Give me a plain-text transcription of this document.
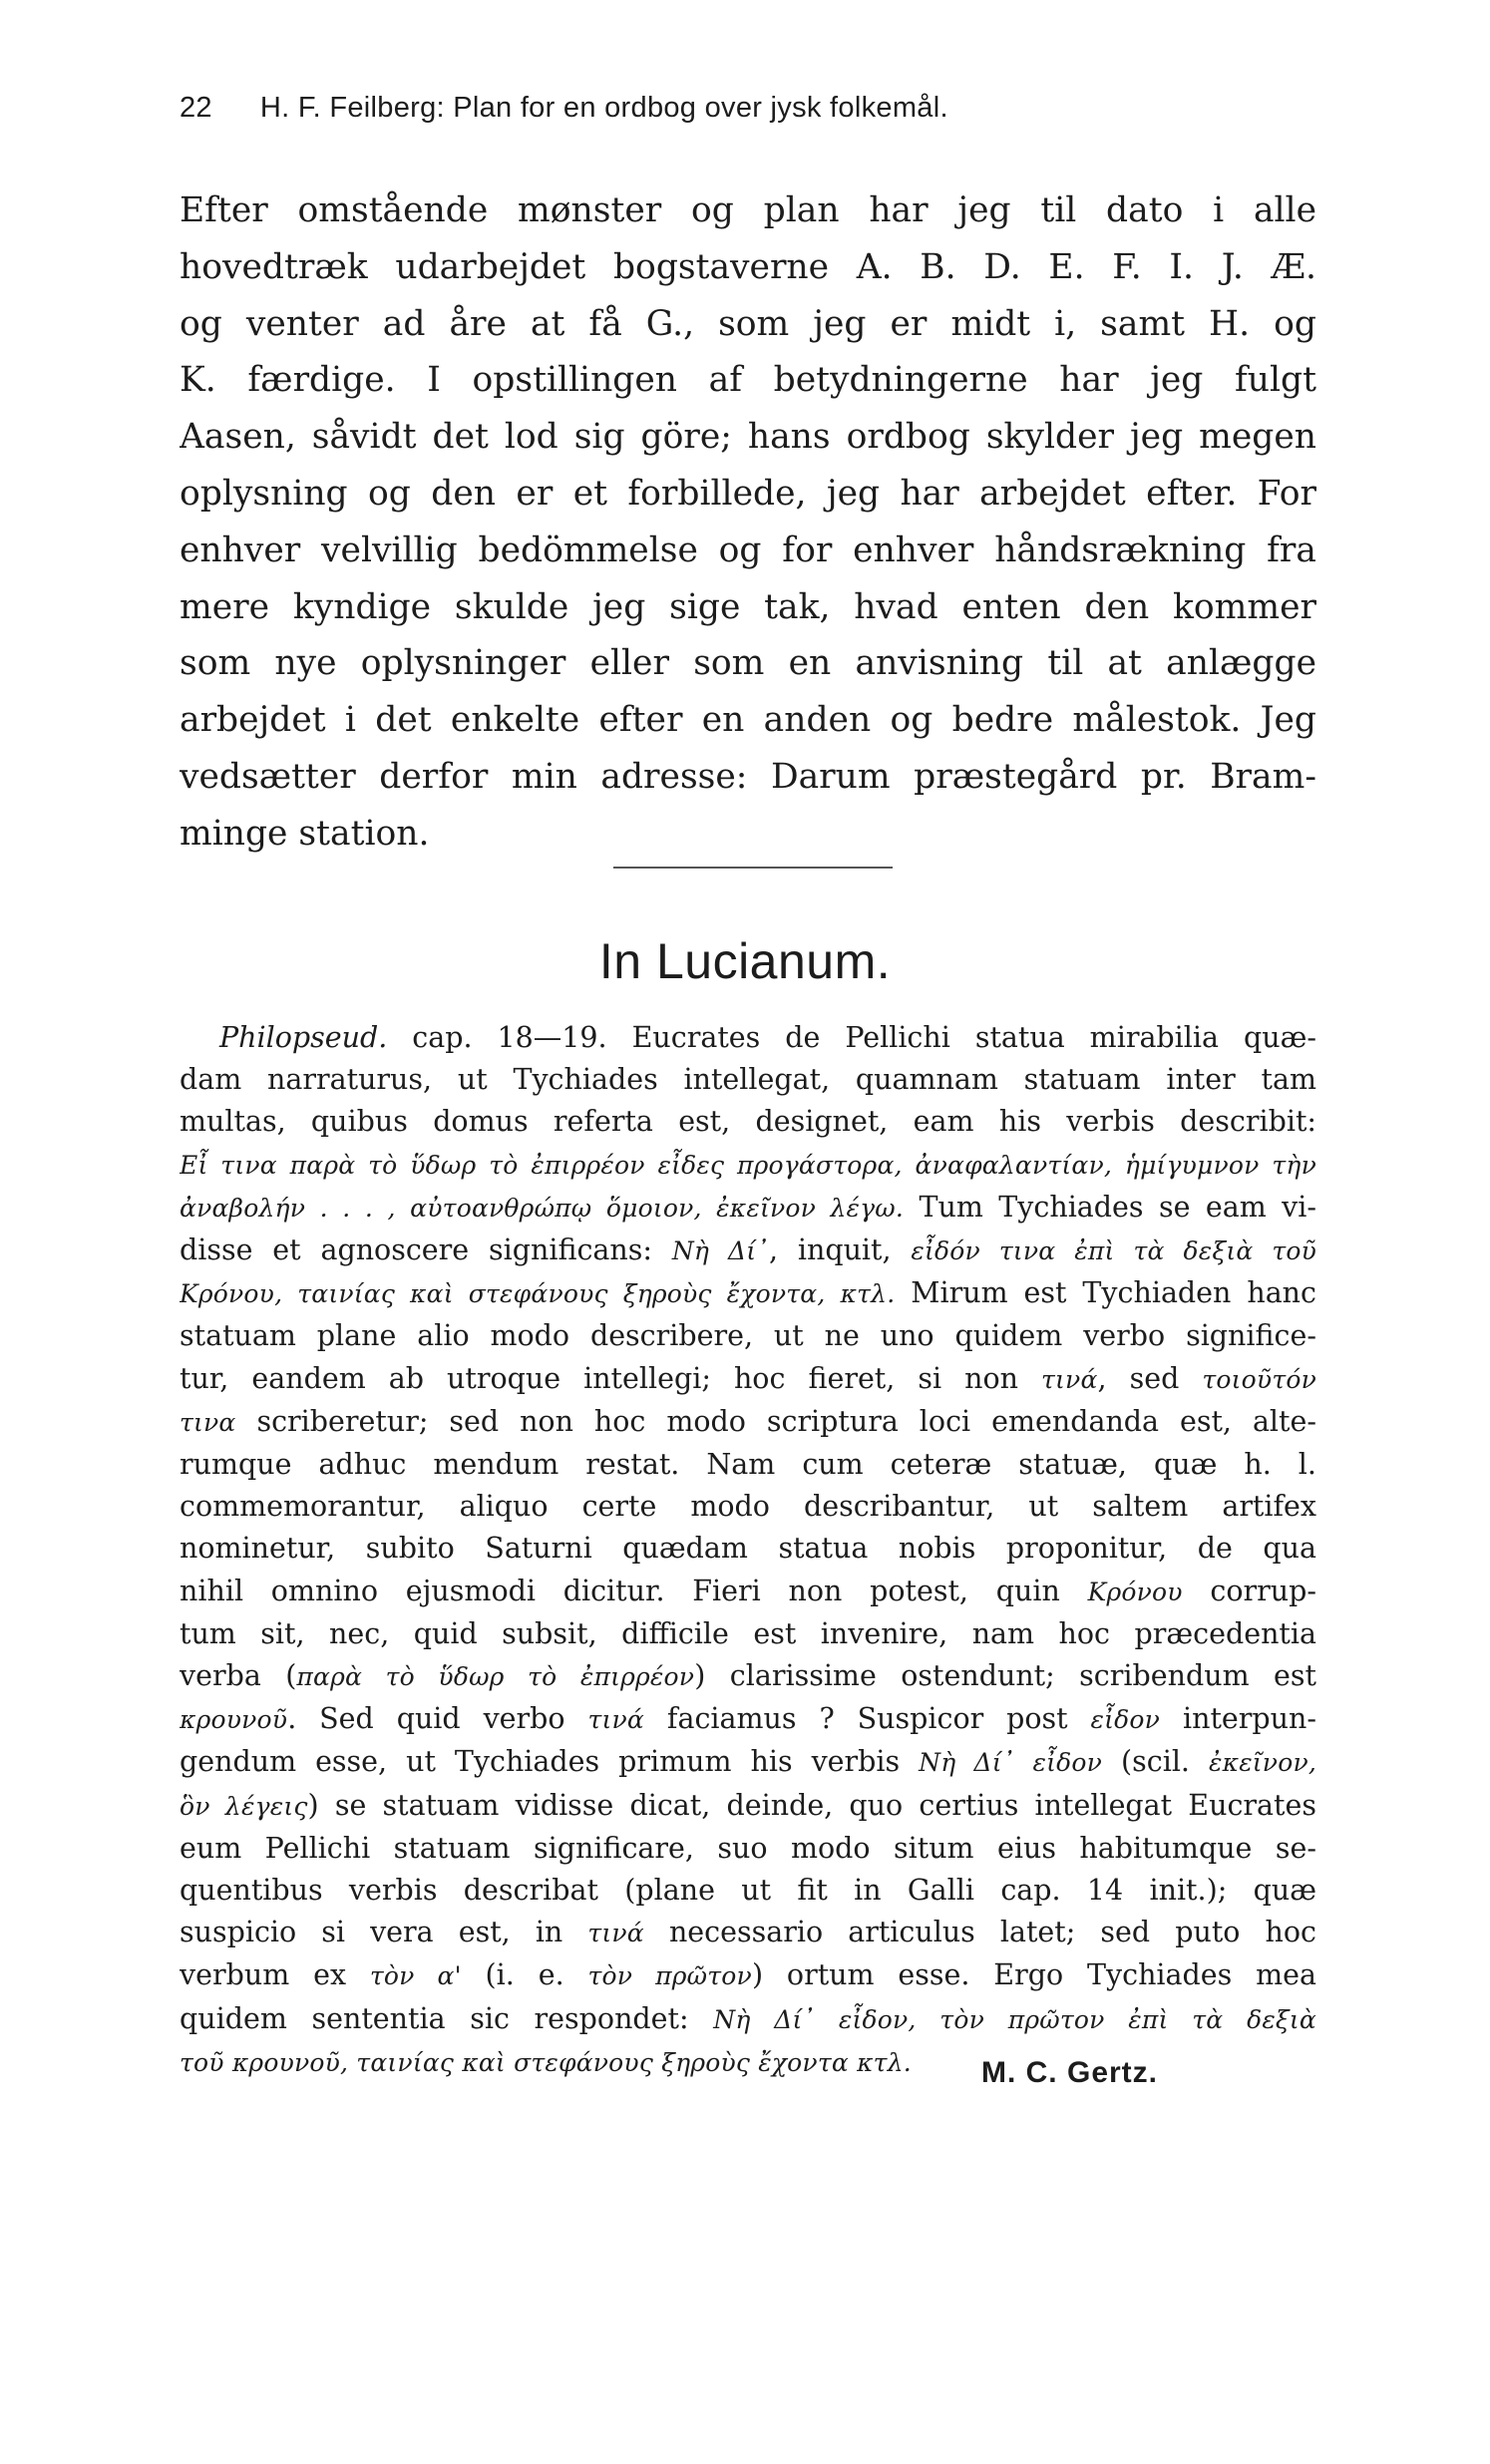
22 H. F. Feilberg: Plan for en ordbog over jysk folkemål.
Efter omstående mønster og plan har jeg til dato i alle
hovedtræk udarbejdet bogstaverne A. B. D. E. F. I. J. Æ.
og venter ad åre at få G., som jeg er midt i, samt H. og
K. færdige. I opstillingen af betydningerne har jeg fulgt
Aasen, såvidt det lod sig göre; hans ordbog skylder jeg megen
oplysning og den er et forbillede, jeg har arbejdet efter. For
enhver velvillig bedömmelse og for enhver håndsrækning fra
mere kyndige skulde jeg sige tak, hvad enten den kommer
som nye oplysninger eller som en anvisning til at anlægge
arbejdet i det enkelte efter en anden og bedre målestok. Jeg
vedsætter derfor min adresse: Darum præstegård pr. Bram-
minge station.
In Lucianum.
Philopseud. cap. 18—19. Eucrates de Pellichi statua mirabilia quæ-
dam narraturus, ut Tychiades intellegat, quamnam statuam inter tam
multas, quibus domus referta est, designet, eam his verbis describit:
Εἶ τινα παρὰ τὸ ὕδωρ τὸ ἐπιρρέον εἶδες προγάστορα, ἀναφαλαντίαν, ἡμίγυμνον τὴν
ἀναβολήν . . . , αὐτοανθρώπῳ ὅμοιον, ἐκεῖνον λέγω. Tum Tychiades se eam vi-
disse et agnoscere significans: Νὴ Δί᾿, inquit, εἶδόν τινα ἐπὶ τὰ δεξιὰ τοῦ
Κρόνου, ταινίας καὶ στεφάνους ξηροὺς ἔχοντα, κτλ. Mirum est Tychiaden hanc
statuam plane alio modo describere, ut ne uno quidem verbo significe-
tur, eandem ab utroque intellegi; hoc fieret, si non τινά, sed τοιοῦτόν
τινα scriberetur; sed non hoc modo scriptura loci emendanda est, alte-
rumque adhuc mendum restat. Nam cum ceteræ statuæ, quæ h. l.
commemorantur, aliquo certe modo describantur, ut saltem artifex
nominetur, subito Saturni quædam statua nobis proponitur, de qua
nihil omnino ejusmodi dicitur. Fieri non potest, quin Κρόνου corrup-
tum sit, nec, quid subsit, difficile est invenire, nam hoc præcedentia
verba (παρὰ τὸ ὕδωρ τὸ ἐπιρρέον) clarissime ostendunt; scribendum est
κρουνοῦ. Sed quid verbo τινά faciamus ? Suspicor post εἶδον interpun-
gendum esse, ut Tychiades primum his verbis Νὴ Δί᾿ εἶδον (scil. ἐκεῖνον,
ὃν λέγεις) se statuam vidisse dicat, deinde, quo certius intellegat Eucrates
eum Pellichi statuam significare, suo modo situm eius habitumque se-
quentibus verbis describat (plane ut fit in Galli cap. 14 init.); quæ
suspicio si vera est, in τινά necessario articulus latet; sed puto hoc
verbum ex τὸν α' (i. e. τὸν πρῶτον) ortum esse. Ergo Tychiades mea
quidem sententia sic respondet: Νὴ Δί᾿ εἶδον, τὸν πρῶτον ἐπὶ τὰ δεξιὰ
τοῦ κρουνοῦ, ταινίας καὶ στεφάνους ξηροὺς ἔχοντα κτλ.	M. C. Gertz.
